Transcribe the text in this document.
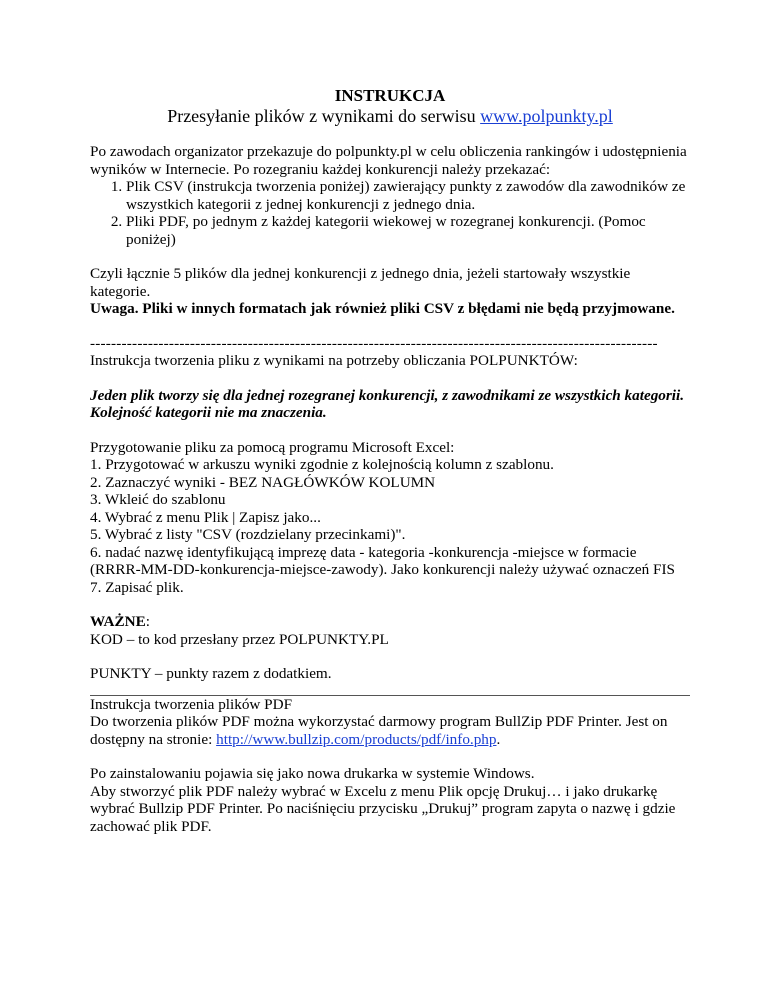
INSTRUKCJA

Przesyłanie plików z wynikami do serwisu www.polpunkty.pl

Po zawodach organizator przekazuje do polpunkty.pl w celu obliczenia rankingów i udostępnienia wyników w Internecie. Po rozegraniu każdej konkurencji należy przekazać:

1. Plik CSV (instrukcja tworzenia poniżej) zawierający punkty z zawodów dla zawodników ze wszystkich kategorii z jednej konkurencji z jednego dnia.
2. Pliki PDF, po jednym z każdej kategorii wiekowej w rozegranej konkurencji. (Pomoc poniżej)

Czyli łącznie 5 plików dla jednej konkurencji z jednego dnia, jeżeli startowały wszystkie kategorie.

Uwaga. Pliki w innych formatach jak również pliki CSV z błędami nie będą przyjmowane.

------------------------------------------------------------------------------------------------------------

Instrukcja tworzenia pliku z wynikami na potrzeby obliczania POLPUNKTÓW:

Jeden plik tworzy się dla jednej rozegranej konkurencji, z zawodnikami ze wszystkich kategorii. Kolejność kategorii nie ma znaczenia.

Przygotowanie pliku za pomocą programu Microsoft Excel:

1. Przygotować w arkuszu wyniki zgodnie z kolejnością kolumn z szablonu.

2. Zaznaczyć wyniki - BEZ NAGŁÓWKÓW KOLUMN

3. Wkleić do szablonu

4. Wybrać z menu Plik | Zapisz jako...

5. Wybrać z listy "CSV (rozdzielany przecinkami)".

6. nadać nazwę identyfikującą imprezę data - kategoria -konkurencja -miejsce w formacie (RRRR-MM-DD-konkurencja-miejsce-zawody). Jako konkurencji należy używać oznaczeń FIS

7. Zapisać plik.

WAŻNE:

KOD – to kod przesłany przez POLPUNKTY.PL

PUNKTY – punkty razem z dodatkiem.

Instrukcja tworzenia plików PDF

Do tworzenia plików PDF można wykorzystać darmowy program BullZip PDF Printer. Jest on dostępny na stronie: http://www.bullzip.com/products/pdf/info.php.

Po zainstalowaniu pojawia się jako nowa drukarka w systemie Windows.

Aby stworzyć plik PDF należy wybrać w Excelu z menu Plik opcję Drukuj… i jako drukarkę wybrać Bullzip PDF Printer. Po naciśnięciu przycisku „Drukuj” program zapyta o nazwę i gdzie zachować plik PDF.
